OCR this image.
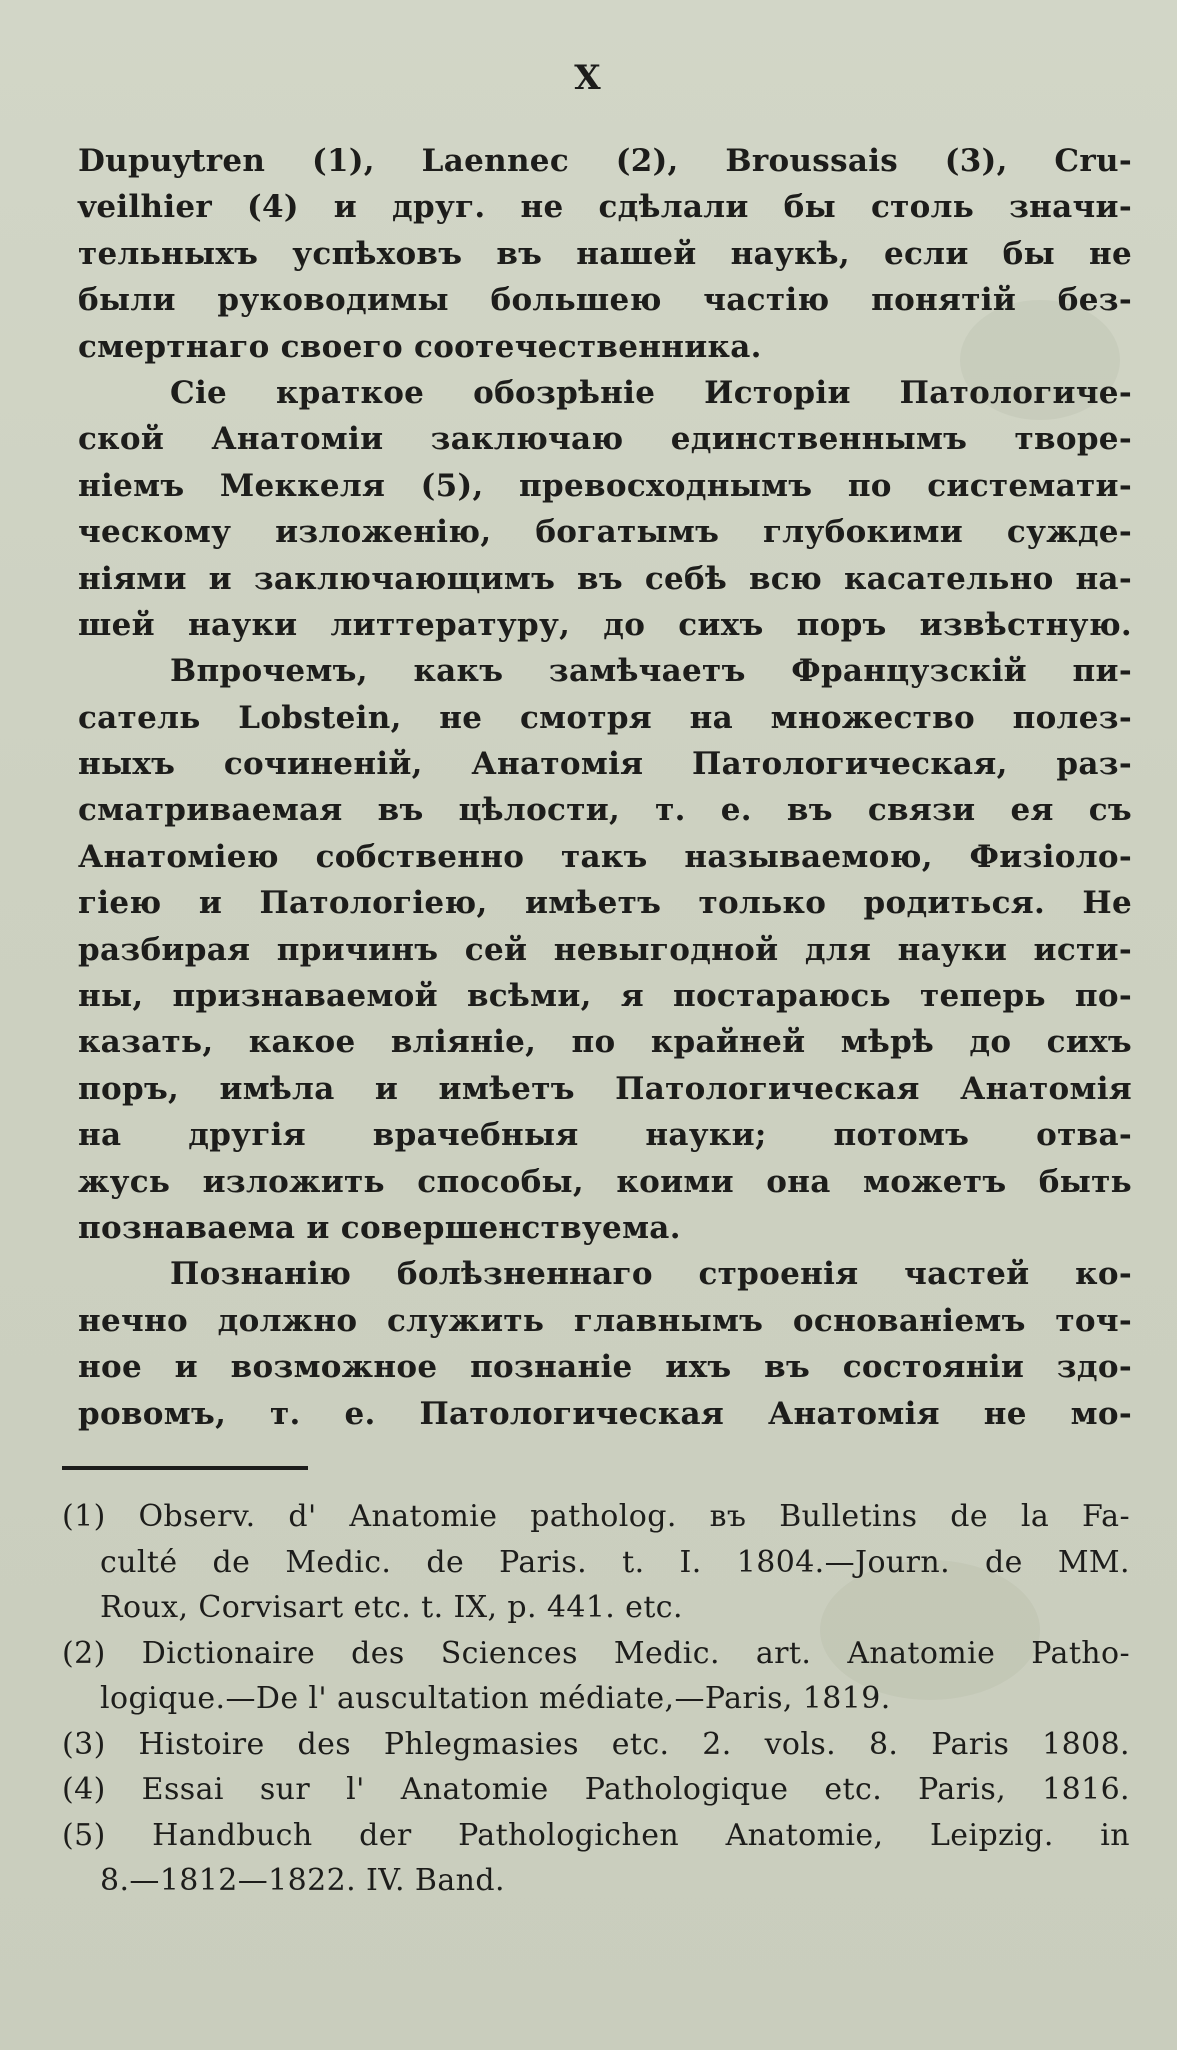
X
Dupuytren (1), Laennec (2), Broussais (3), Cru-
veilhier (4) и друг. не сдѣлали бы столь значи-
тельныхъ успѣховъ въ нашей наукѣ, если бы не
были руководимы большею частію понятій без-
смертнаго своего соотечественника.
Сіе краткое обозрѣніе Исторіи Патологиче-
ской Анатоміи заключаю единственнымъ творе-
ніемъ Меккеля (5), превосходнымъ по системати-
ческому изложенію, богатымъ глубокими сужде-
ніями и заключающимъ въ себѣ всю касательно на-
шей науки литтературу, до сихъ поръ извѣстную.
Впрочемъ, какъ замѣчаетъ Французскій пи-
сатель Lobstein, не смотря на множество полез-
ныхъ сочиненій, Анатомія Патологическая, раз-
сматриваемая въ цѣлости, т. е. въ связи ея съ
Анатоміею собственно такъ называемою, Физіоло-
гіею и Патологіею, имѣетъ только родиться. Не
разбирая причинъ сей невыгодной для науки исти-
ны, признаваемой всѣми, я постараюсь теперь по-
казать, какое вліяніе, по крайней мѣрѣ до сихъ
поръ, имѣла и имѣетъ Патологическая Анатомія
на другія врачебныя науки; потомъ отва-
жусь изложить способы, коими она можетъ быть
познаваема и совершенствуема.
Познанію болѣзненнаго строенія частей ко-
нечно должно служить главнымъ основаніемъ точ-
ное и возможное познаніе ихъ въ состояніи здо-
ровомъ, т. е. Патологическая Анатомія не мо-
(1) Observ. d' Anatomie patholog. въ Bulletins de la Fa-
culté de Medic. de Paris. t. I. 1804.—Journ. de MM.
Roux, Corvisart etc. t. IX, p. 441. etc.
(2) Dictionaire des Sciences Medic. art. Anatomie Patho-
logique.—De l' auscultation médiate,—Paris, 1819.
(3) Histoire des Phlegmasies etc. 2. vols. 8. Paris 1808.
(4) Essai sur l' Anatomie Pathologique etc. Paris, 1816.
(5) Handbuch der Pathologichen Anatomie, Leipzig. in
8.—1812—1822. IV. Band.
